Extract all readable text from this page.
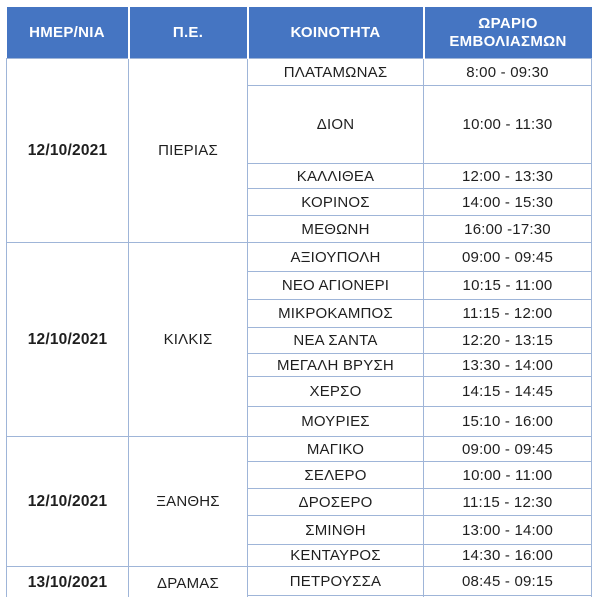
ΗΜΕΡ/ΝΙΑ	Π.Ε.	ΚΟΙΝΟΤΗΤΑ	ΩΡΑΡΙΟ ΕΜΒΟΛΙΑΣΜΩΝ
12/10/2021	ΠΙΕΡΙΑΣ	ΠΛΑΤΑΜΩΝΑΣ	8:00 - 09:30
		ΔΙΟΝ	10:00 - 11:30
		ΚΑΛΛΙΘΕΑ	12:00 - 13:30
		ΚΟΡΙΝΟΣ	14:00 - 15:30
		ΜΕΘΩΝΗ	16:00 -17:30
12/10/2021	ΚΙΛΚΙΣ	ΑΞΙΟΥΠΟΛΗ	09:00 - 09:45
		ΝΕΟ ΑΓΙΟΝΕΡΙ	10:15 - 11:00
		ΜΙΚΡΟΚΑΜΠΟΣ	11:15 - 12:00
		ΝΕΑ ΣΑΝΤΑ	12:20 - 13:15
		ΜΕΓΑΛΗ ΒΡΥΣΗ	13:30 - 14:00
		ΧΕΡΣΟ	14:15 - 14:45
		ΜΟΥΡΙΕΣ	15:10 - 16:00
12/10/2021	ΞΑΝΘΗΣ	ΜΑΓΙΚΟ	09:00 - 09:45
		ΣΕΛΕΡΟ	10:00 - 11:00
		ΔΡΟΣΕΡΟ	11:15 - 12:30
		ΣΜΙΝΘΗ	13:00 - 14:00
		ΚΕΝΤΑΥΡΟΣ	14:30 - 16:00
13/10/2021	ΔΡΑΜΑΣ	ΠΕΤΡΟΥΣΣΑ	08:45 - 09:15
